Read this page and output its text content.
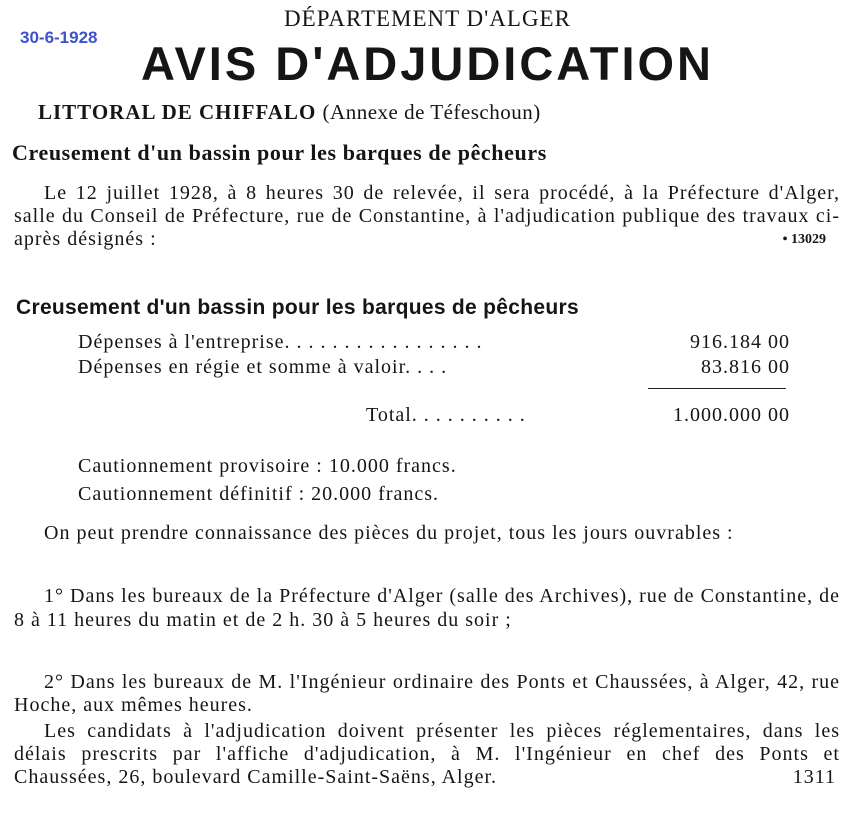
30-6-1928
DÉPARTEMENT D'ALGER
AVIS D'ADJUDICATION
LITTORAL DE CHIFFALO (Annexe de Téfeschoun)
Creusement d'un bassin pour les barques de pêcheurs

Le 12 juillet 1928, à 8 heures 30 de relevée, il sera procédé, à la Préfecture d'Alger, salle du Conseil de Préfecture, rue de Constantine, à l'adjudication publique des travaux ci-après désignés :	• 13029

Creusement d'un bassin pour les barques de pêcheurs
Dépenses à l'entreprise. . . . . . . . . . . . . . . . .	916.184 00
Dépenses en régie et somme à valoir. . . .	83.816 00
Total. . . . . . . . . .	1.000.000 00
Cautionnement provisoire : 10.000 francs.
Cautionnement définitif : 20.000 francs.

On peut prendre connaissance des pièces du projet, tous les jours ouvrables :

1° Dans les bureaux de la Préfecture d'Alger (salle des Archives), rue de Constantine, de 8 à 11 heures du matin et de 2 h. 30 à 5 heures du soir ;

2° Dans les bureaux de M. l'Ingénieur ordinaire des Ponts et Chaussées, à Alger, 42, rue Hoche, aux mêmes heures.

Les candidats à l'adjudication doivent présenter les pièces réglementaires, dans les délais prescrits par l'affiche d'adjudication, à M. l'Ingénieur en chef des Ponts et Chaussées, 26, boulevard Camille-Saint-Saëns, Alger.	1311
